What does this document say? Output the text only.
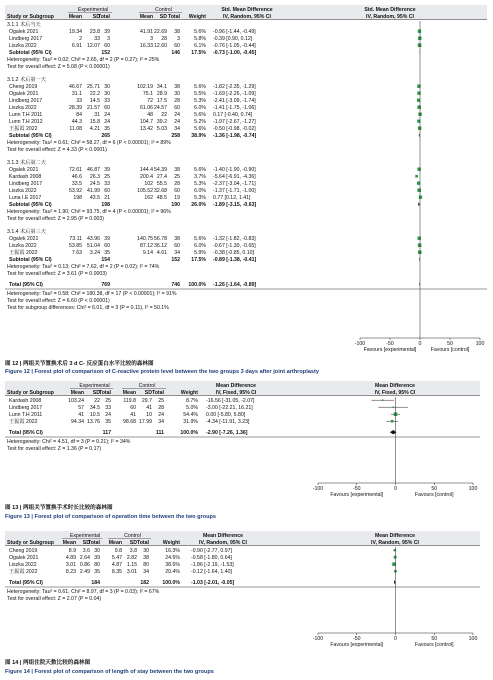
Experimental	Control	Std. Mean Difference	Std. Mean Difference
Study or Subgroup	Mean SD
Total	Mean SD Total Weight	IV, Random, 95% CI	IV, Random, 95% CI
3.1.1 术后当天
Ogalek 2021	19.34 23.8 39	41.91 22.69 38	5.6% -0.96 [-1.44, -0.49]
Lindberg 2017	2 33 3	3 28 3	5.8% -0.39 [0.90, 0.12]
Liszka 2022	6.91 12.07 60	16.33 12.60 60	6.1% -0.76 [-1.05, -0.44]
Subtotal (95% CI)	152	146 17.5% -0.73 [-1.00, -0.45]
Heterogeneity: Tau² = 0.02; Chi² = 2.65, df = 2 (P = 0.27); I² = 25%
Test for overall effect: Z = 5.08 (P < 0.00001)
3.1.2 术后第一天
Cheng 2019	46.67 25.71 30	102.19 34.1 38	5.6% -1.82 [-2.35, -1.29]
Ogalek 2021	31.1 22.2 30	75.1 28.9 30	5.5% -1.69 [-2.26, -1.09]
Lindberg 2017	33 14.5 33	72 17.5 28	5.3% -2.41 [-3.09, -1.74]
Liszka 2022	28.39 21.57 60	61.06 24.57 60	6.0% -1.41 [-1.75, -1.06]
Lunn T.H 2011	84 31 24	48 22 24	5.6% 0.17 [-0.40, 0.74]
Lunn T.H 2012	44.3 15.8 24	104.7 39.2 24	5.2% -1.97 [-2.67, -1.27]
王振霞 2022	11.08 4.21 35	13.42 5.03 34	5.6% -0.50 [-0.98, -0.02]
Subtotal (95% CI)	265	258 38.9% -1.36 [-1.98, -0.74]
Heterogeneity: Tau² = 0.61; Chi² = 58.27, df = 6 (P < 0.00001); I² = 89%
Test for overall effect: Z = 4.33 (P < 0.0001)
3.1.3 术后第二天
Ogalek 2021	72.61 46.87 39	144.4 54.39 38	5.6% -1.40 [-1.90, -0.90]
Kardash 2008	46.6 26.3 25	200.4 27.4 25	3.7% -5.64 [-6.91, -4.36]
Lindberg 2017	33.5 24.5 33	102 55.5 28	5.3% -2.37 [-3.04, -1.71]
Liszka 2022	53.92 41.99 60	105.52 32.68 60	6.0% -1.37 [-1.71, -1.00]
Luna I.E 2017	198 43.5 21	162 48.5 19	5.3% 0.77 [0.12, 1.41]
Subtotal (95% CI)	198	190 26.0% -1.89 [-3.15, -0.63]
Heterogeneity: Tau² = 1.90; Chi² = 93.75, df = 4 (P < 0.00001); I² = 96%
Test for overall effect: Z = 2.95 (P = 0.003)
3.1.4 术后第三天
Ogalek 2021	73.11 43.96 39	140.75 56.78 38	5.6% -1.32 [-1.82, -0.83]
Liszka 2022	53.85 51.04 60	87.12 36.12 60	6.0% -0.67 [-1.30, -0.65]
王振霞 2022	7.63 3.24 35	9.14 4.61 34	5.9% -0.38 [-0.85, 0.10]
Subtotal (95% CI)	154	152 17.5% -0.89 [-1.38, -0.41]
Heterogeneity: Tau² = 0.13; Chi² = 7.62, df = 2 (P = 0.02); I² = 74%
Test for overall effect: Z = 3.61 (P = 0.0003)
Total (95% CI)	769	746 100.0% -1.26 [-1.64, -0.89]
-100	-50	0	50	100
Favours [experimental]	Favours [control]
Heterogeneity: Tau² = 0.58; Chi² = 180.38, df = 17 (P < 0.00001); I² = 91%
Test for overall effect: Z = 6.60 (P < 0.00001)
Test for subgroup differences: Chi² = 6.01, df = 3 (P = 0.11), I² = 50.1%
Experimental	Control	Mean Difference	Mean Difference
Study or Subgroup	Mean SD
Total Mean SD Total	Weight	IV, Fixed, 95% CI	IV, Fixed, 95% CI
Kardash 2008	103.24 22 25 119.8 29.7 25	8.7% -16.56 [-31.05, -2.07]
Lindberg 2017	57 34.5 33	60 41 28	5.0% -3.00 [-22.21, 16.21]
Lunn T.H 2011	41 10.5 24	41 10 24	54.4% 0.00 [-5.80, 5.80]
王振霞 2022	94.34 13.76 35 98.68 17.99 34	31.9% -4.34 [-11.91, 3.23]
Total (95% CI)	117	111	100.0% -2.90 [-7.26, 1.36]
-100	-50	0	50	100
Favours [experimental]	Favours [control]
Heterogeneity: Chi² = 4.51, df = 3 (P = 0.21); I² = 34%
Test for overall effect: Z = 1.36 (P = 0.17)
Experimental	Control	Mean Difference	Mean Difference
Study or Subgroup Mean SD
Total Mean SD Total	Weight	IV, Random, 95% CI	IV, Random, 95% CI
Cheng 2019	8.9 3.6 30	9.8 3.8 30	16.3% -0.90 [-2.77, 0.97]
Ogalek 2021	4.89 2.64 39 5.47 2.82 38	24.6% -0.58 [-1.80, 0.64]
Liszka 2022	3.01 0.86 80 4.87 1.15 80	38.6% -1.86 [-2.19, -1.53]
王振霞 2022	8.23 2.49 35 8.35 3.01 34	20.4% -0.12 [-1.64, 1.40]
Total (95% CI)	184	182	100.0% -1.03 [-2.01, -0.05]
-100	-50	0	50	100
Favours [experimental]	Favours [control]
Heterogeneity: Tau² = 0.61; Chi² = 8.97, df = 3 (P = 0.03); I² = 67%
Test for overall effect: Z = 2.07 (P = 0.04)
图 12 | 两组关节置换术后 3 d C- 反应蛋白水平比较的森林图
Figure 12 | Forest plot of comparison of C-reactive protein level between the two groups 3 days after joint arthroplasty
图 13 | 两组关节置换手术时长比较的森林图
Figure 13 | Forest plot of comparison of operation time between the two groups
图 14 | 两组住院天数比较的森林图
Figure 14 | Forest plot of comparison of length of stay between the two groups
